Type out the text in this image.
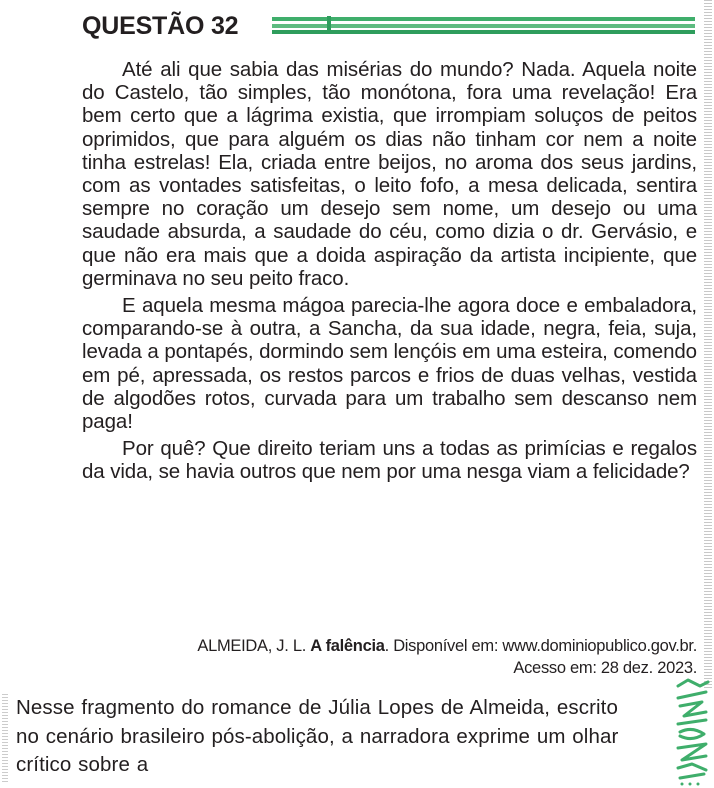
QUESTÃO 32

Até ali que sabia das misérias do mundo? Nada. Aquela noite do Castelo, tão simples, tão monótona, fora uma revelação! Era bem certo que a lágrima existia, que irrompiam soluços de peitos oprimidos, que para alguém os dias não tinham cor nem a noite tinha estrelas! Ela, criada entre beijos, no aroma dos seus jardins, com as vontades satisfeitas, o leito fofo, a mesa delicada, sentira sempre no coração um desejo sem nome, um desejo ou uma saudade absurda, a saudade do céu, como dizia o dr. Gervásio, e que não era mais que a doida aspiração da artista incipiente, que germinava no seu peito fraco.

E aquela mesma mágoa parecia-lhe agora doce e embaladora, comparando-se à outra, a Sancha, da sua idade, negra, feia, suja, levada a pontapés, dormindo sem lençóis em uma esteira, comendo em pé, apressada, os restos parcos e frios de duas velhas, vestida de algodões rotos, curvada para um trabalho sem descanso nem paga!

Por quê? Que direito teriam uns a todas as primícias e regalos da vida, se havia outros que nem por uma nesga viam a felicidade?

ALMEIDA, J. L. A falência. Disponível em: www.dominiopublico.gov.br.
Acesso em: 28 dez. 2023.
Nesse fragmento do romance de Júlia Lopes de Almeida, escrito no cenário brasileiro pós-abolição, a narradora exprime um olhar crítico sobre a
